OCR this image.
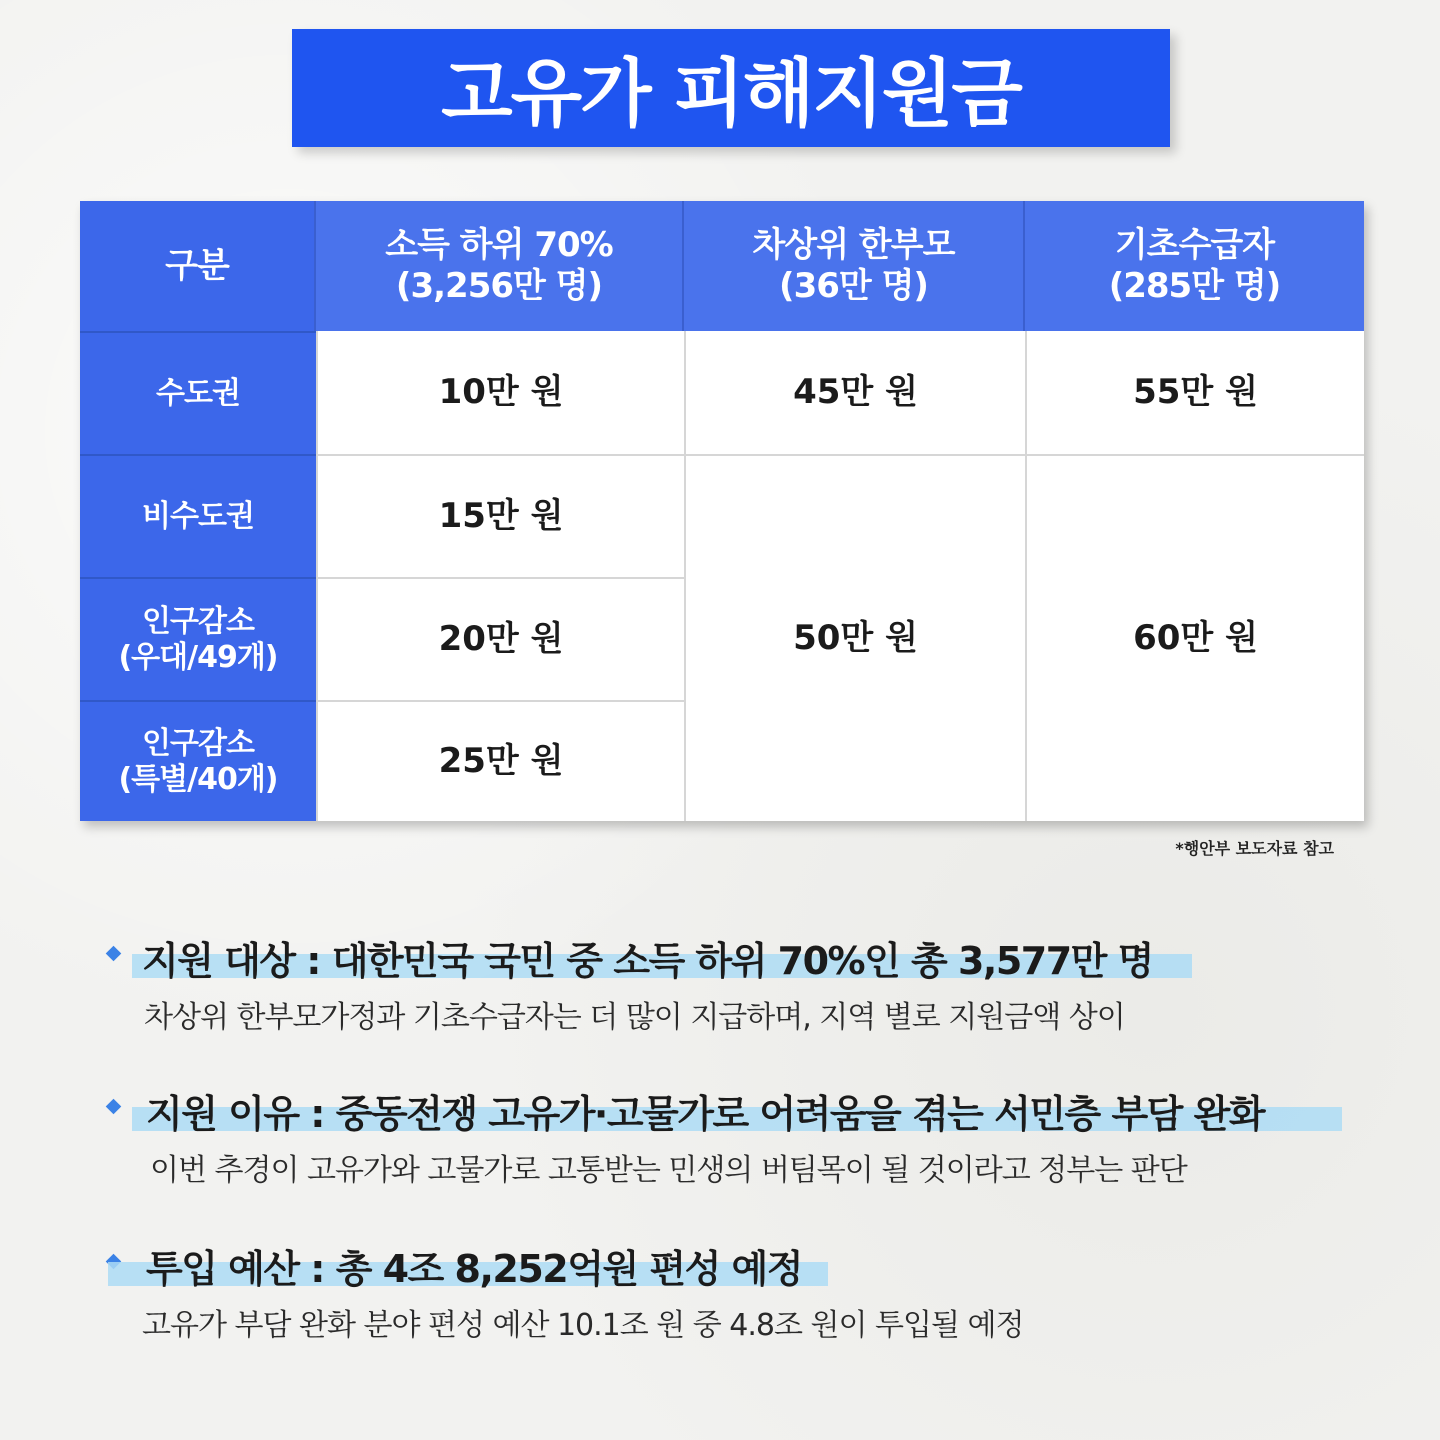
고유가 피해지원금
구분
소득 하위 70%
(3,256만 명)
차상위 한부모
(36만 명)
기초수급자
(285만 명)
수도권
비수도권
인구감소
(우대/49개)
인구감소
(특별/40개)
10만 원
15만 원
20만 원
25만 원
45만 원
50만 원
55만 원
60만 원
*행안부 보도자료 참고
지원 대상 : 대한민국 국민 중 소득 하위 70%인 총 3,577만 명
차상위 한부모가정과 기초수급자는 더 많이 지급하며, 지역 별로 지원금액 상이
지원 이유 : 중동전쟁 고유가·고물가로 어려움을 겪는 서민층 부담 완화
이번 추경이 고유가와 고물가로 고통받는 민생의 버팀목이 될 것이라고 정부는 판단
투입 예산 : 총 4조 8,252억원 편성 예정
고유가 부담 완화 분야 편성 예산 10.1조 원 중 4.8조 원이 투입될 예정
